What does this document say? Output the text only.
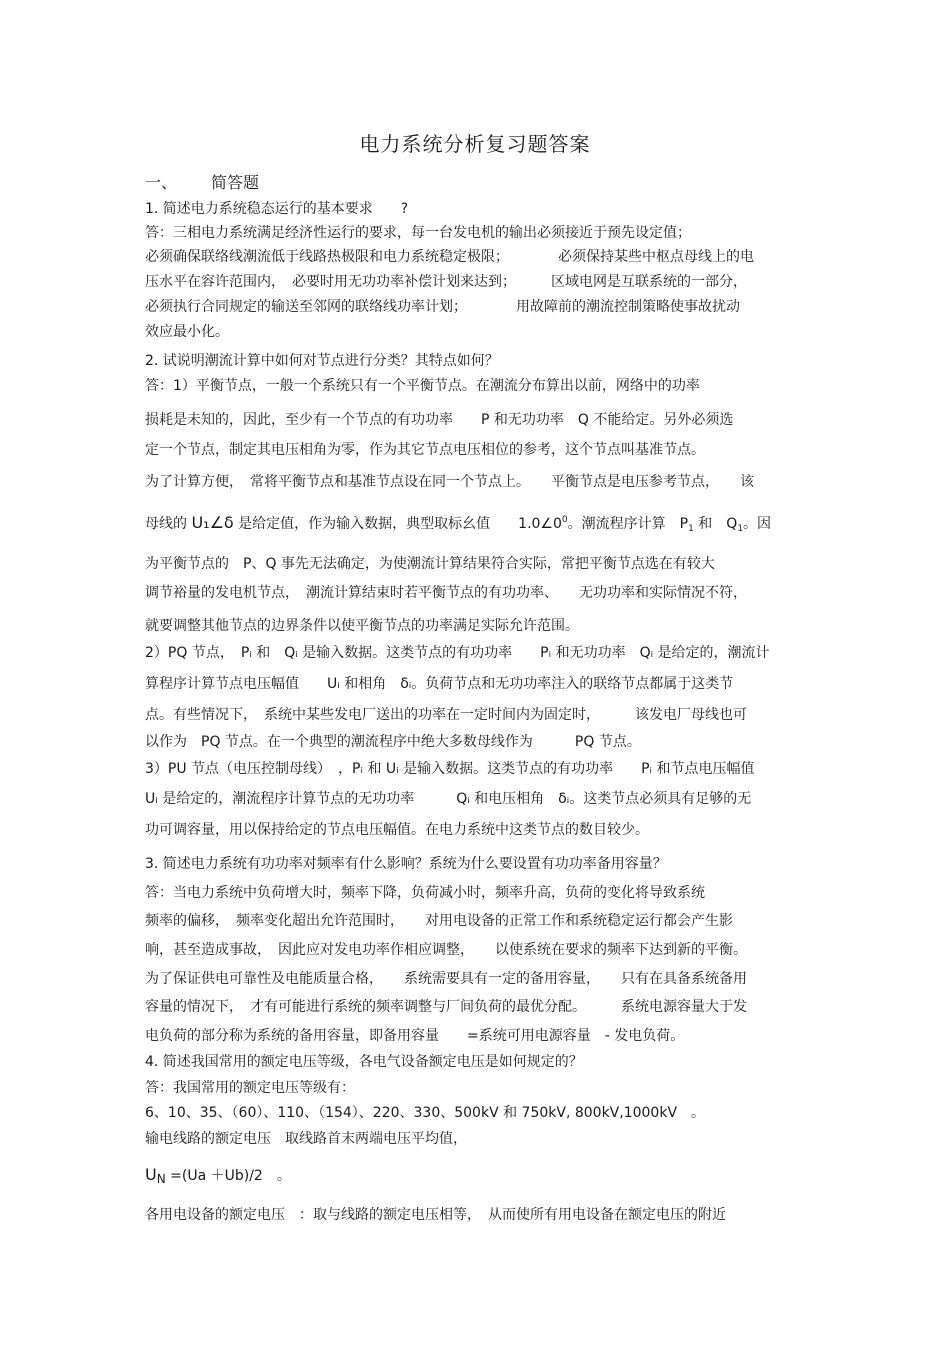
电力系统分析复习题答案
一、 简答题
1. 简述电力系统稳态运行的基本要求　　?
答：三相电力系统满足经济性运行的要求，每一台发电机的输出必须接近于预先设定值；
必须确保联络线潮流低于线路热极限和电力系统稳定极限；　　　　必须保持某些中枢点母线上的电
压水平在容许范围内，　必要时用无功功率补偿计划来达到；　　　区域电网是互联系统的一部分，
必须执行合同规定的输送至邻网的联络线功率计划；　　　　用故障前的潮流控制策略使事故扰动
效应最小化。
2. 试说明潮流计算中如何对节点进行分类？其特点如何？
答：1）平衡节点，一般一个系统只有一个平衡节点。在潮流分布算出以前，网络中的功率
损耗是未知的，因此，至少有一个节点的有功功率　　P 和无功功率　Q 不能给定。另外必须选
定一个节点，制定其电压相角为零，作为其它节点电压相位的参考，这个节点叫基准节点。
为了计算方便，　常将平衡节点和基准节点设在同一个节点上。　　平衡节点是电压参考节点，　　该
母线的 U₁∠δ 是给定值，作为输入数据，典型取标幺值　　$1.0\angle 0^0$。潮流程序计算　$P_1$ 和　$Q_1$。因
为平衡节点的　P、Q 事先无法确定，为使潮流计算结果符合实际，常把平衡节点选在有较大
调节裕量的发电机节点，　潮流计算结束时若平衡节点的有功功率、　　无功功率和实际情况不符，
就要调整其他节点的边界条件以使平衡节点的功率满足实际允许范围。
2）PQ 节点，　Pᵢ 和　Qᵢ 是输入数据。这类节点的有功功率　　Pᵢ 和无功功率　Qᵢ 是给定的，潮流计
算程序计算节点电压幅值　　Uᵢ 和相角　δᵢ。负荷节点和无功功率注入的联络节点都属于这类节
点。有些情况下，　系统中某些发电厂送出的功率在一定时间内为固定时，　　　该发电厂母线也可
以作为　PQ 节点。在一个典型的潮流程序中绝大多数母线作为　　　PQ 节点。
3）PU 节点（电压控制母线）　，Pᵢ 和 Uᵢ 是输入数据。这类节点的有功功率　　Pᵢ 和节点电压幅值
Uᵢ 是给定的，潮流程序计算节点的无功功率　　　Qᵢ 和电压相角　δᵢ。这类节点必须具有足够的无
功可调容量，用以保持给定的节点电压幅值。在电力系统中这类节点的数目较少。
3. 简述电力系统有功功率对频率有什么影响？系统为什么要设置有功功率备用容量？
答：当电力系统中负荷增大时，频率下降，负荷减小时，频率升高，负荷的变化将导致系统
频率的偏移，　频率变化超出允许范围时，　　对用电设备的正常工作和系统稳定运行都会产生影
响，甚至造成事故，　因此应对发电功率作相应调整，　　以使系统在要求的频率下达到新的平衡。
为了保证供电可靠性及电能质量合格，　　系统需要具有一定的备用容量，　　只有在具备系统备用
容量的情况下，　才有可能进行系统的频率调整与厂间负荷的最优分配。　　　系统电源容量大于发
电负荷的部分称为系统的备用容量，即备用容量　　=系统可用电源容量　- 发电负荷。
4. 简述我国常用的额定电压等级，各电气设备额定电压是如何规定的？
答：我国常用的额定电压等级有：
6、10、35、（60）、110、（154）、220、330、500kV 和 750kV, 800kV,1000kV　。
输电线路的额定电压　取线路首末两端电压平均值，
$U_N =(Ua +Ub)/2$　。
各用电设备的额定电压　：取与线路的额定电压相等，　从而使所有用电设备在额定电压的附近
